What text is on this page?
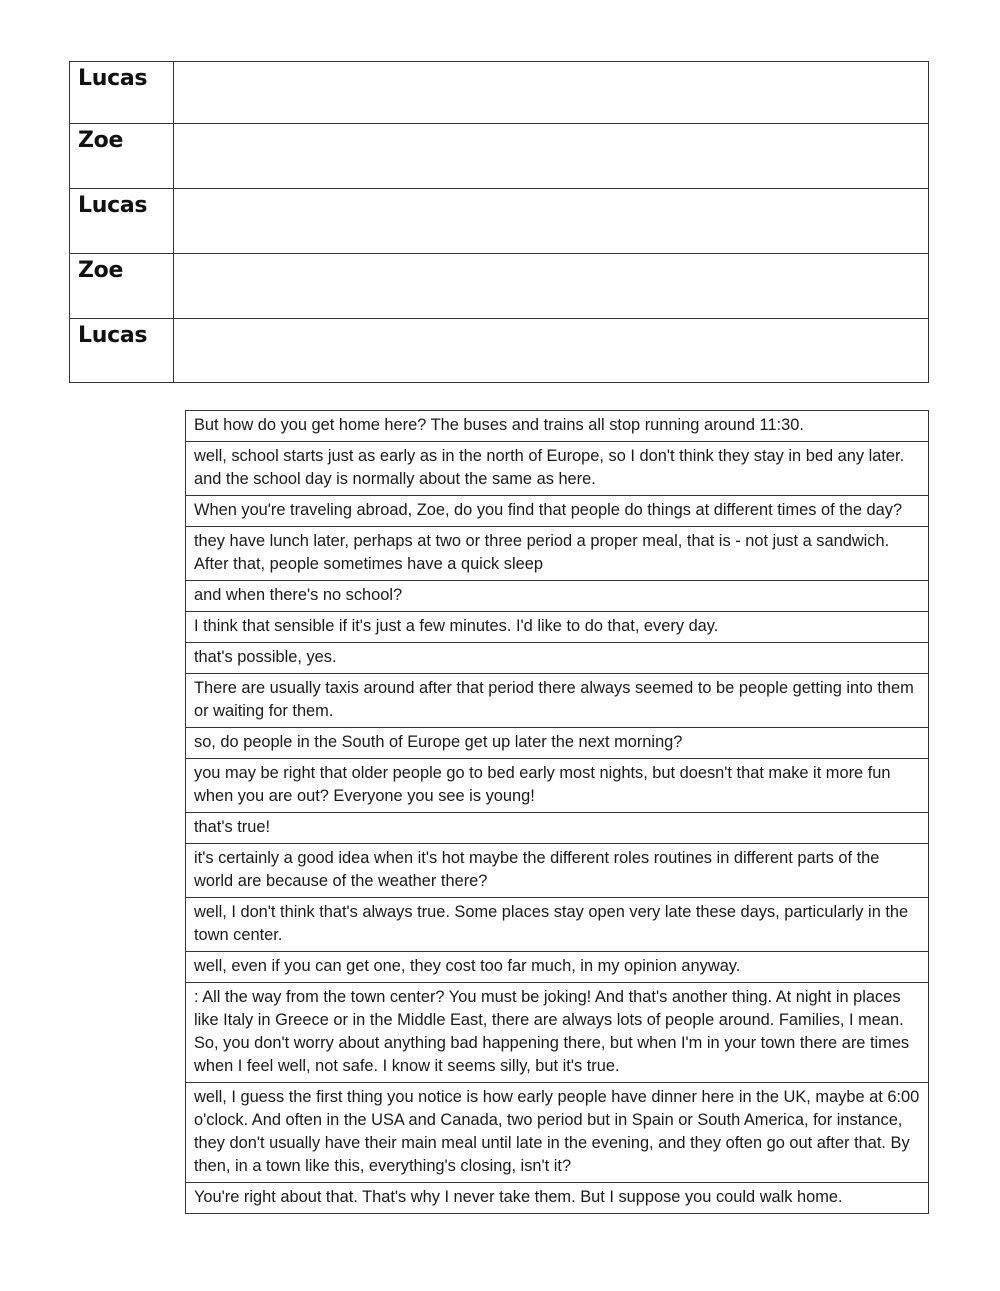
Lucas	
Zoe	
Lucas	
Zoe	
Lucas	
But how do you get home here? The buses and trains all stop running around 11:30.
well, school starts just as early as in the north of Europe, so I don't think they stay in bed any later. and the school day is normally about the same as here.
When you're traveling abroad, Zoe, do you find that people do things at different times of the day?
they have lunch later, perhaps at two or three period a proper meal, that is - not just a sandwich. After that, people sometimes have a quick sleep
and when there's no school?
I think that sensible if it's just a few minutes. I'd like to do that, every day.
that's possible, yes.
There are usually taxis around after that period there always seemed to be people getting into them or waiting for them.
so, do people in the South of Europe get up later the next morning?
you may be right that older people go to bed early most nights, but doesn't that make it more fun when you are out? Everyone you see is young!
that's true!
it's certainly a good idea when it's hot maybe the different roles routines in different parts of the world are because of the weather there?
well, I don't think that's always true. Some places stay open very late these days, particularly in the town center.
well, even if you can get one, they cost too far much, in my opinion anyway.
: All the way from the town center? You must be joking! And that's another thing. At night in places like Italy in Greece or in the Middle East, there are always lots of people around. Families, I mean. So, you don't worry about anything bad happening there, but when I'm in your town there are times when I feel well, not safe. I know it seems silly, but it's true.
well, I guess the first thing you notice is how early people have dinner here in the UK, maybe at 6:00 o'clock. And often in the USA and Canada, two period but in Spain or South America, for instance, they don't usually have their main meal until late in the evening, and they often go out after that. By then, in a town like this, everything's closing, isn't it?
You're right about that. That's why I never take them. But I suppose you could walk home.
